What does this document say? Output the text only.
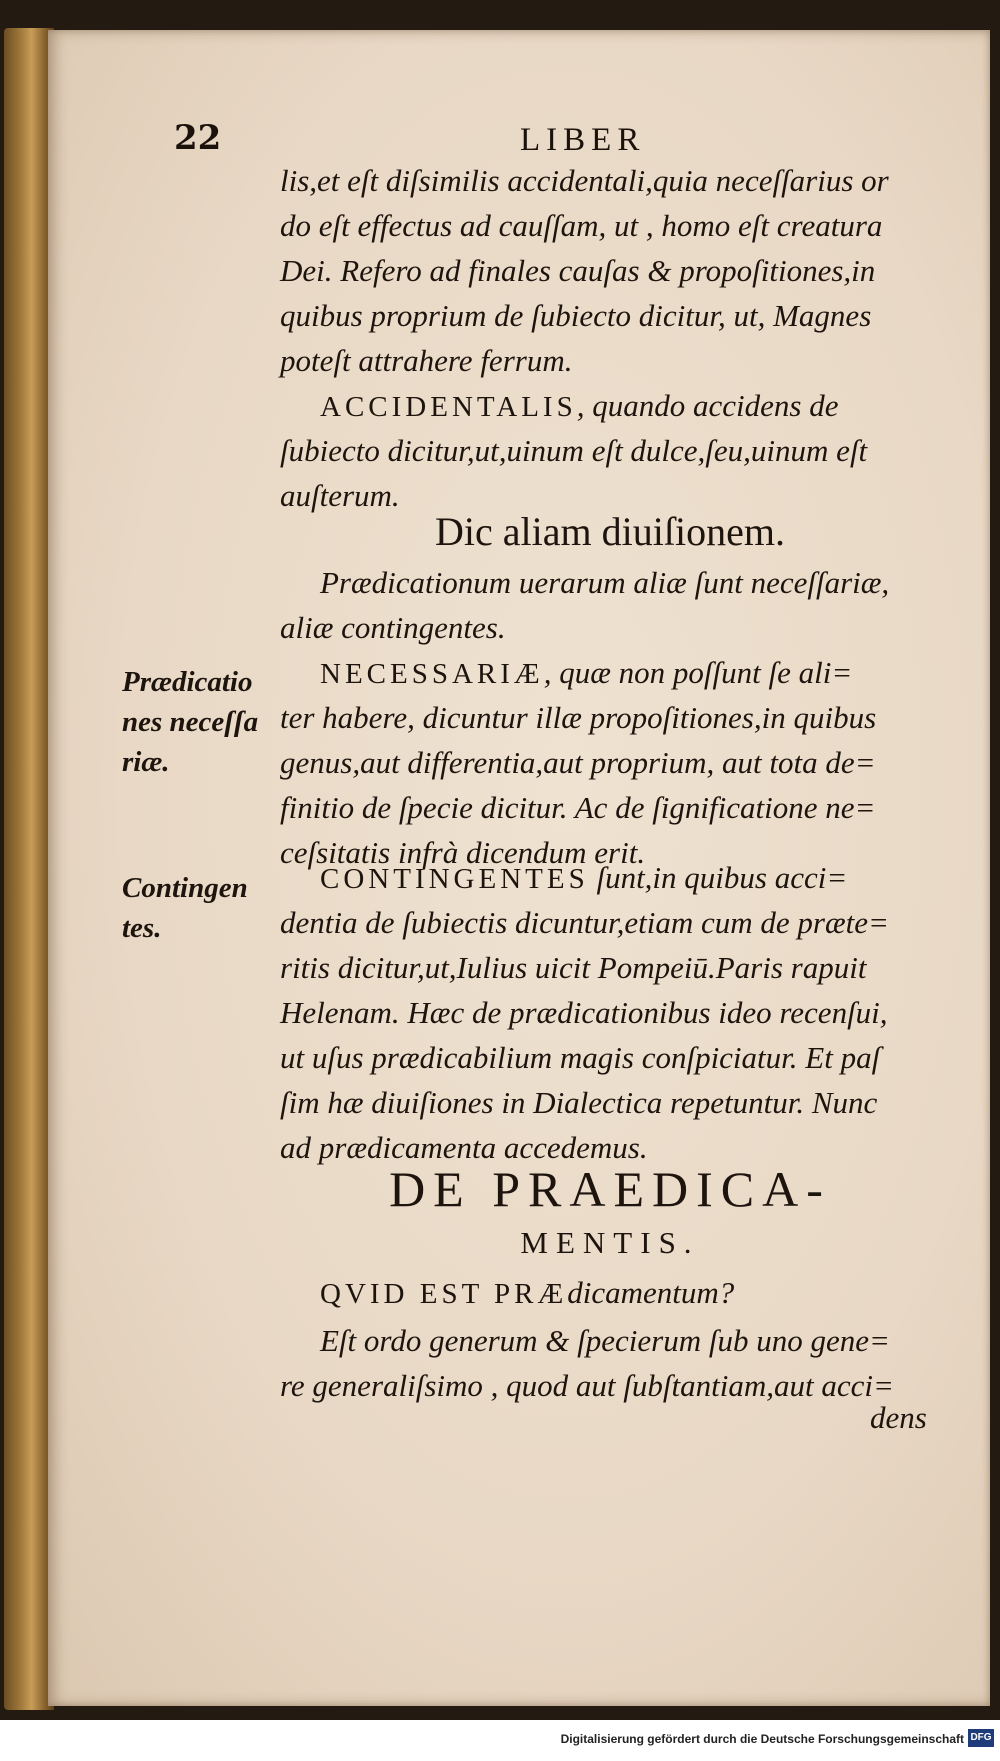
22	LIBER
lis,et eſt diſsimilis accidentali,quia neceſſarius or
do eſt effectus ad cauſſam, ut , homo eſt creatura
Dei. Refero ad finales cauſas & propoſitiones,in
quibus proprium de ſubiecto dicitur, ut, Magnes
poteſt attrahere ferrum.
ACCIDENTALIS, quando accidens de
ſubiecto dicitur,ut,uinum eſt dulce,ſeu,uinum eſt
auſterum.
Dic aliam diuiſionem.
Prædicationum uerarum aliæ ſunt neceſſariæ,
aliæ contingentes.
NECESSARIÆ, quæ non poſſunt ſe ali=
ter habere, dicuntur illæ propoſitiones,in quibus
genus,aut differentia,aut proprium, aut tota de=
finitio de ſpecie dicitur. Ac de ſignificatione ne=
ceſsitatis infrà dicendum erit.
CONTINGENTES ſunt,in quibus acci=
dentia de ſubiectis dicuntur,etiam cum de præte=
ritis dicitur,ut,Iulius uicit Pompeiū.Paris rapuit
Helenam. Hæc de prædicationibus ideo recenſui,
ut uſus prædicabilium magis conſpiciatur. Et paſ
ſim hæ diuiſiones in Dialectica repetuntur. Nunc
ad prædicamenta accedemus.
DE PRAEDICA-
MENTIS.
QVID EST PRÆdicamentum?
Eſt ordo generum & ſpecierum ſub uno gene=
re generaliſsimo , quod aut ſubſtantiam,aut acci=
dens
Prædicatio
nes neceſſa
riæ.
Contingen
tes.
Digitalisierung gefördert durch die Deutsche Forschungsgemeinschaft DFG
